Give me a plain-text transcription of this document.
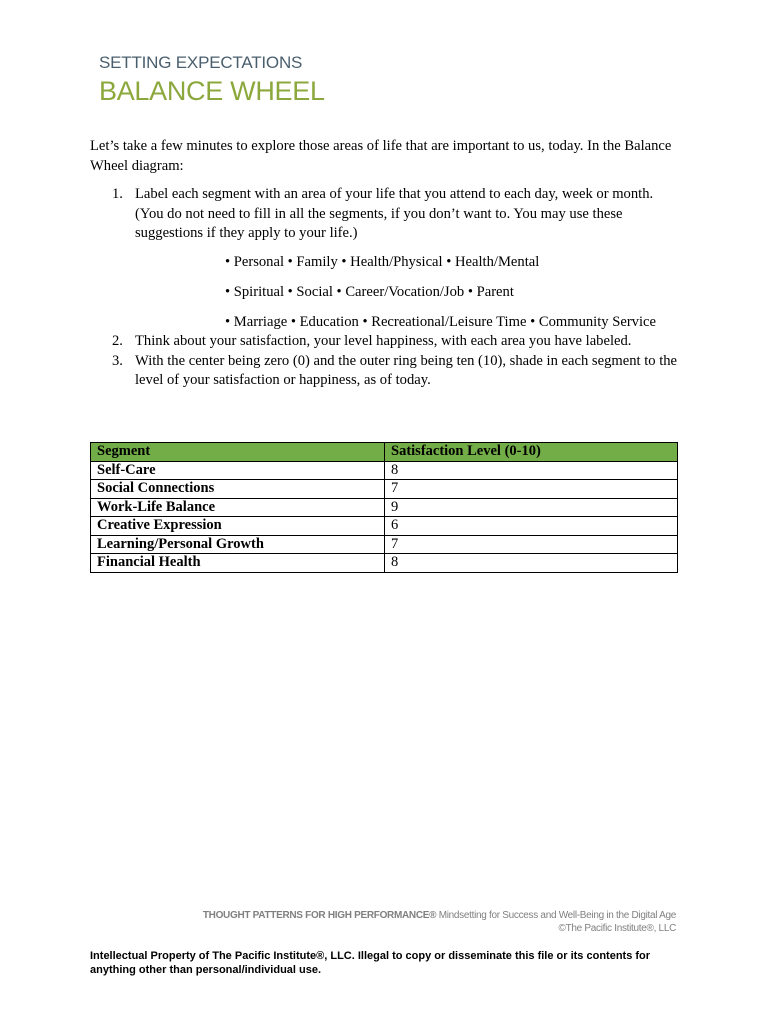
SETTING EXPECTATIONS
BALANCE WHEEL

Let’s take a few minutes to explore those areas of life that are important to us, today. In the Balance Wheel diagram:

1. Label each segment with an area of your life that you attend to each day, week or month. (You do not need to fill in all the segments, if you don’t want to. You may use these suggestions if they apply to your life.)
• Personal • Family • Health/Physical • Health/Mental
• Spiritual • Social • Career/Vocation/Job • Parent
• Marriage • Education • Recreational/Leisure Time • Community Service
2. Think about your satisfaction, your level happiness, with each area you have labeled.
3. With the center being zero (0) and the outer ring being ten (10), shade in each segment to the level of your satisfaction or happiness, as of today.
Segment	Satisfaction Level (0-10)
Self-Care	8
Social Connections	7
Work-Life Balance	9
Creative Expression	6
Learning/Personal Growth	7
Financial Health	8
THOUGHT PATTERNS FOR HIGH PERFORMANCE® Mindsetting for Success and Well-Being in the Digital Age
©The Pacific Institute®, LLC
Intellectual Property of The Pacific Institute®, LLC. Illegal to copy or disseminate this file or its contents for anything other than personal/individual use.
